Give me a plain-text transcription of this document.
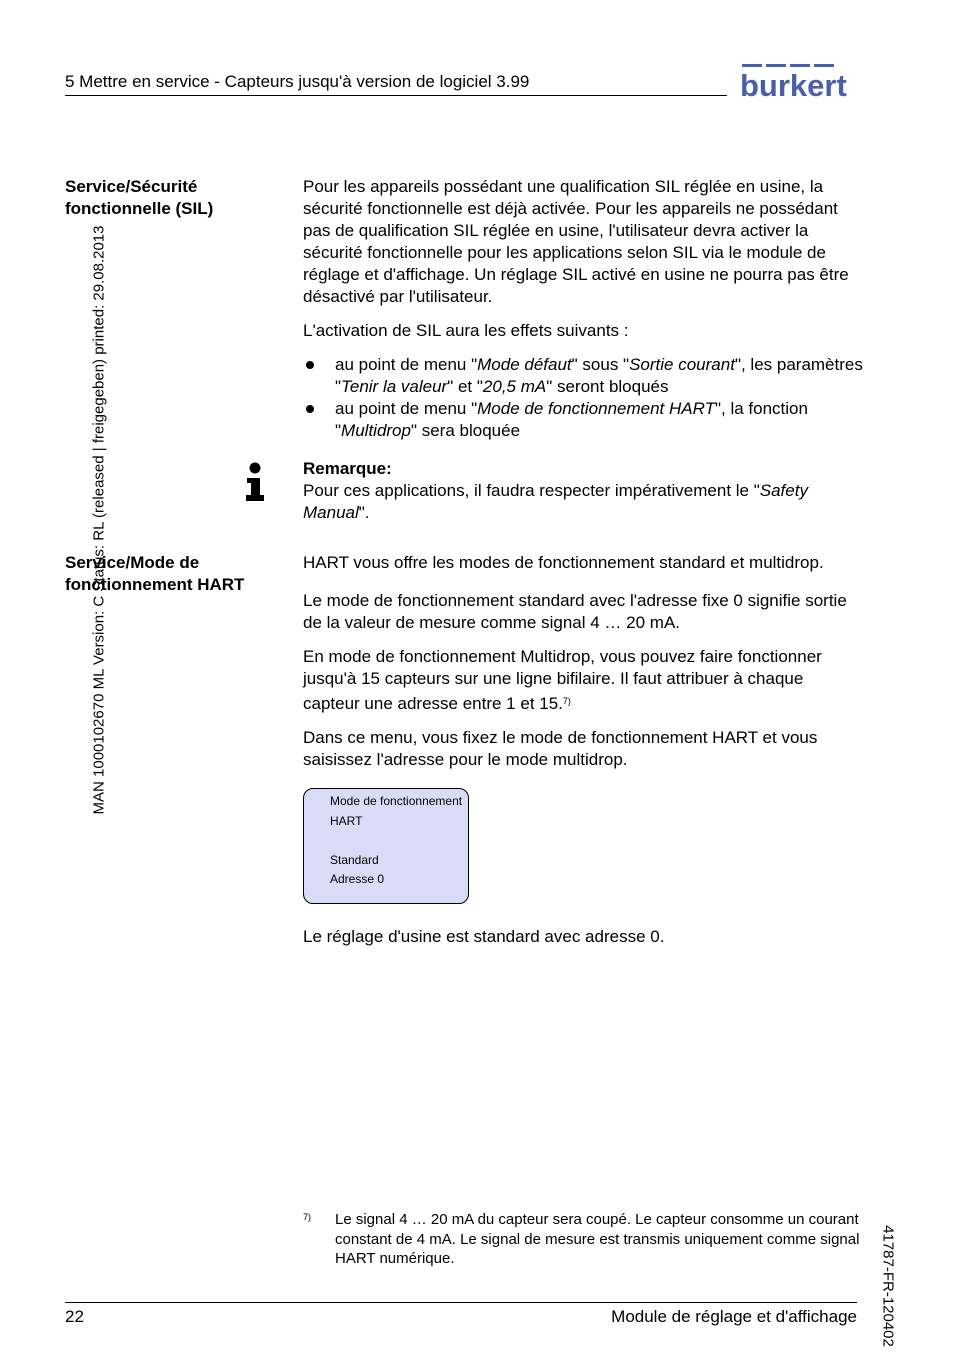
5 Mettre en service - Capteurs jusqu'à version de logiciel 3.99	burkert
MAN 1000102670 ML Version: C Status: RL (released | freigegeben) printed: 29.08.2013
41787-FR-120402
Service/Sécurité fonctionnelle (SIL)

Pour les appareils possédant une qualification SIL réglée en usine, la sécurité fonctionnelle est déjà activée. Pour les appareils ne possédant pas de qualification SIL réglée en usine, l'utilisateur devra activer la sécurité fonctionnelle pour les applications selon SIL via le module de réglage et d'affichage. Un réglage SIL activé en usine ne pourra pas être désactivé par l'utilisateur.

L'activation de SIL aura les effets suivants :

au point de menu "Mode défaut" sous "Sortie courant", les paramètres "Tenir la valeur" et "20,5 mA" seront bloqués
au point de menu "Mode de fonctionnement HART", la fonction "Multidrop" sera bloquée
Remarque:
Pour ces applications, il faudra respecter impérativement le "Safety Manual".
Service/Mode de fonctionnement HART

HART vous offre les modes de fonctionnement standard et multidrop.

Le mode de fonctionnement standard avec l'adresse fixe 0 signifie sortie de la valeur de mesure comme signal 4 … 20 mA.

En mode de fonctionnement Multidrop, vous pouvez faire fonctionner jusqu'à 15 capteurs sur une ligne bifilaire. Il faut attribuer à chaque capteur une adresse entre 1 et 15.$^{7)}$

Dans ce menu, vous fixez le mode de fonctionnement HART et vous saisissez l'adresse pour le mode multidrop.

Mode de fonctionnement
HART
Standard
Adresse 0
Le réglage d'usine est standard avec adresse 0.
7) Le signal 4 … 20 mA du capteur sera coupé. Le capteur consomme un courant constant de 4 mA. Le signal de mesure est transmis uniquement comme signal HART numérique.
22	Module de réglage et d'affichage
